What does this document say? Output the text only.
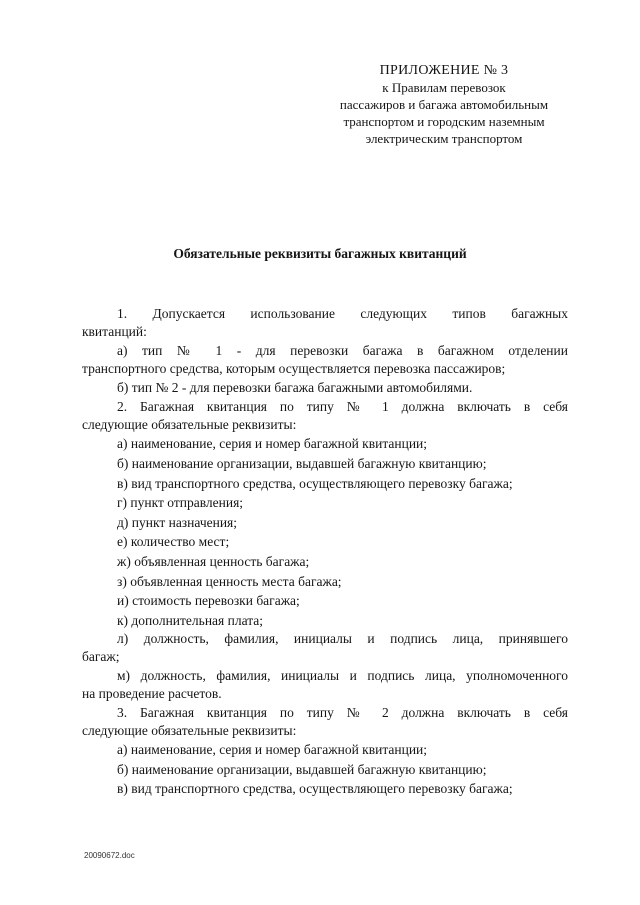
ПРИЛОЖЕНИЕ № 3
к Правилам перевозок
пассажиров и багажа автомобильным
транспортом и городским наземным
электрическим транспортом
Обязательные реквизиты багажных квитанций
1. Допускается использование следующих типов багажных
квитанций:
а) тип № 1 - для перевозки багажа в багажном отделении
транспортного средства, которым осуществляется перевозка пассажиров;
б) тип № 2 - для перевозки багажа багажными автомобилями.
2. Багажная квитанция по типу № 1 должна включать в себя
следующие обязательные реквизиты:
а) наименование, серия и номер багажной квитанции;
б) наименование организации, выдавшей багажную квитанцию;
в) вид транспортного средства, осуществляющего перевозку багажа;
г) пункт отправления;
д) пункт назначения;
е) количество мест;
ж) объявленная ценность багажа;
з) объявленная ценность места багажа;
и) стоимость перевозки багажа;
к) дополнительная плата;
л) должность, фамилия, инициалы и подпись лица, принявшего
багаж;
м) должность, фамилия, инициалы и подпись лица, уполномоченного
на проведение расчетов.
3. Багажная квитанция по типу № 2 должна включать в себя
следующие обязательные реквизиты:
а) наименование, серия и номер багажной квитанции;
б) наименование организации, выдавшей багажную квитанцию;
в) вид транспортного средства, осуществляющего перевозку багажа;
20090672.doc
